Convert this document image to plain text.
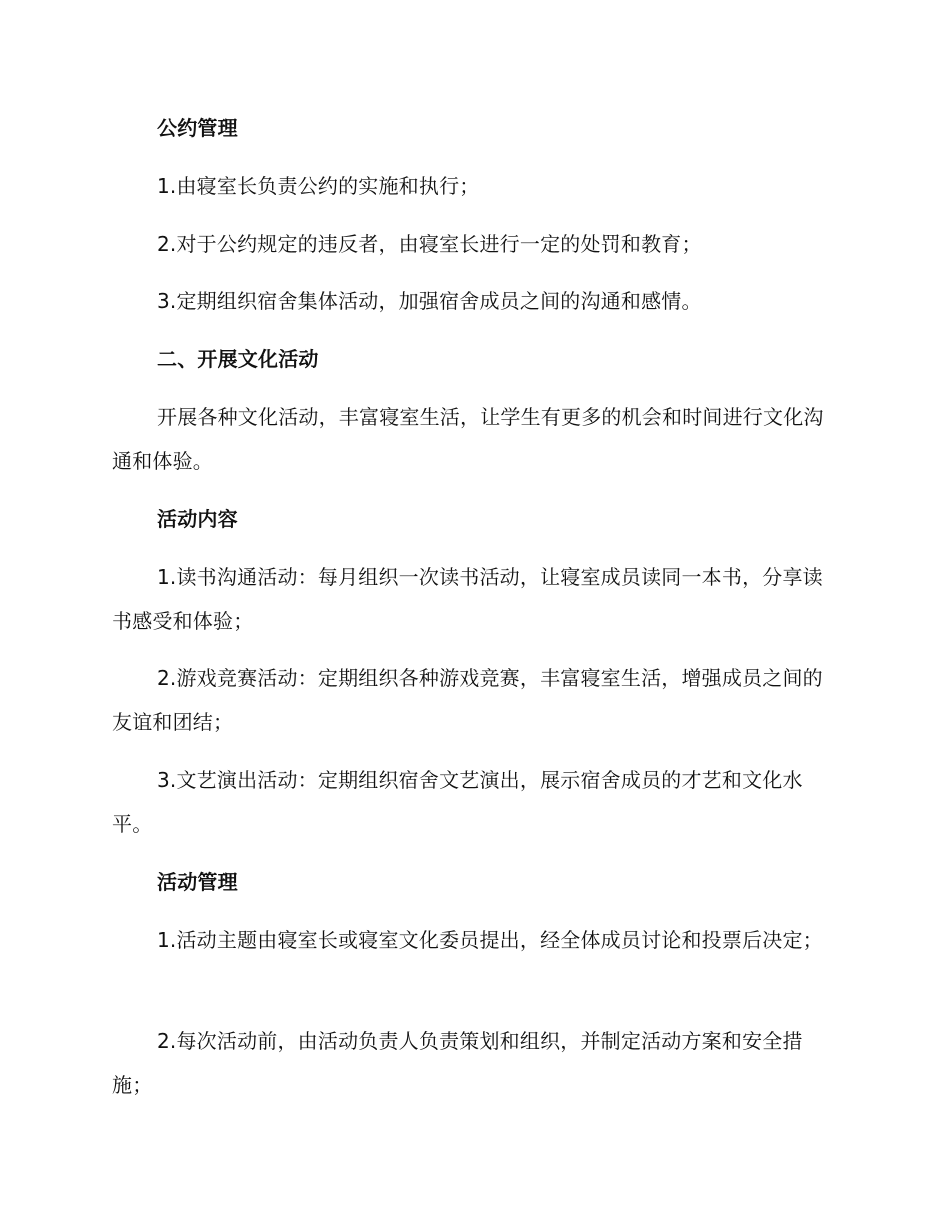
公约管理

1.由寝室长负责公约的实施和执行；

2.对于公约规定的违反者，由寝室长进行一定的处罚和教育；

3.定期组织宿舍集体活动，加强宿舍成员之间的沟通和感情。

二、开展文化活动

开展各种文化活动，丰富寝室生活，让学生有更多的机会和时间进行文化沟通和体验。

活动内容

1.读书沟通活动：每月组织一次读书活动，让寝室成员读同一本书，分享读书感受和体验；

2.游戏竞赛活动：定期组织各种游戏竞赛，丰富寝室生活，增强成员之间的友谊和团结；

3.文艺演出活动：定期组织宿舍文艺演出，展示宿舍成员的才艺和文化水平。

活动管理

1.活动主题由寝室长或寝室文化委员提出，经全体成员讨论和投票后决定；

2.每次活动前，由活动负责人负责策划和组织，并制定活动方案和安全措施；
